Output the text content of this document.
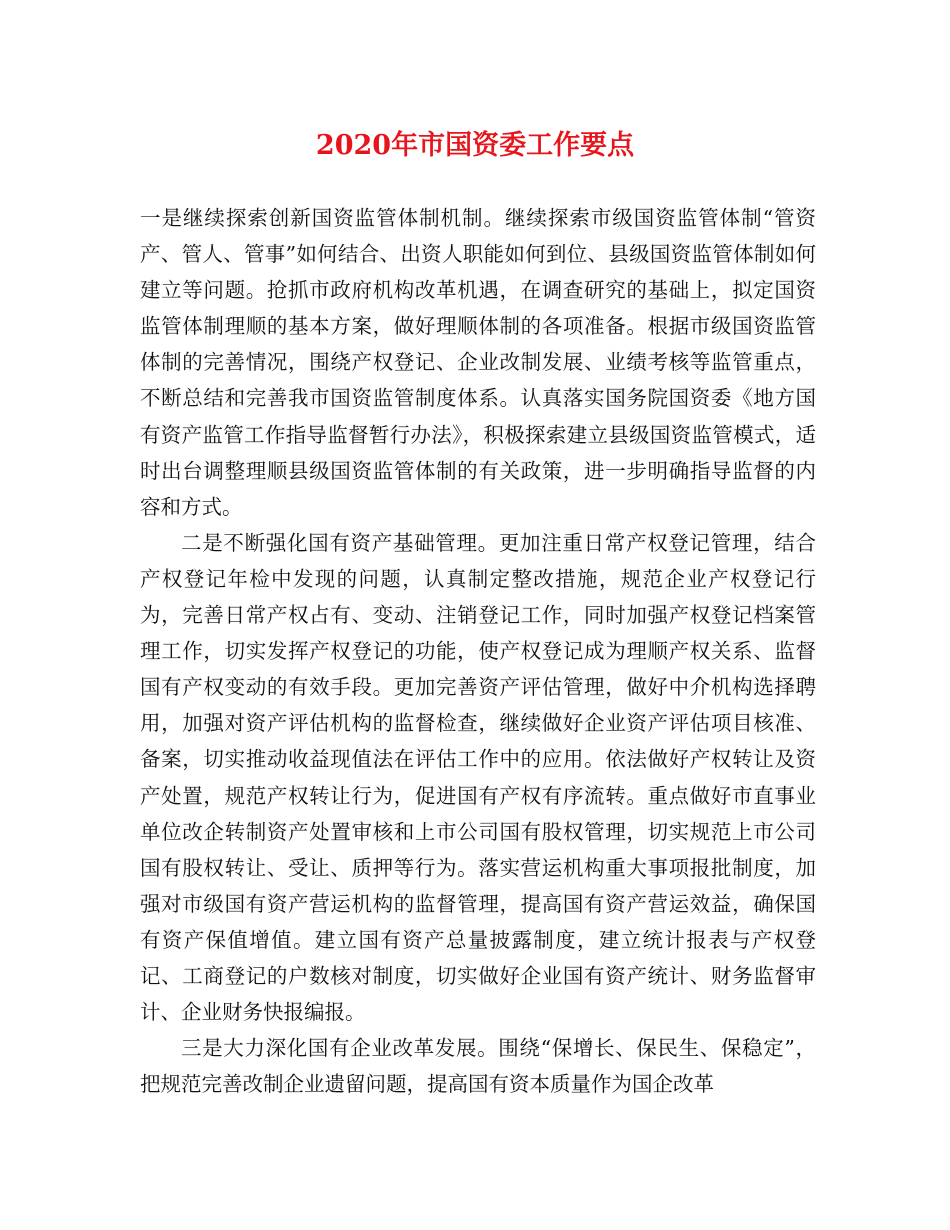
2020年市国资委工作要点

一是继续探索创新国资监管体制机制。继续探索市级国资监管体制“管资产、管人、管事”如何结合、出资人职能如何到位、县级国资监管体制如何建立等问题。抢抓市政府机构改革机遇，在调查研究的基础上，拟定国资监管体制理顺的基本方案，做好理顺体制的各项准备。根据市级国资监管体制的完善情况，围绕产权登记、企业改制发展、业绩考核等监管重点，不断总结和完善我市国资监管制度体系。认真落实国务院国资委《地方国有资产监管工作指导监督暂行办法》，积极探索建立县级国资监管模式，适时出台调整理顺县级国资监管体制的有关政策，进一步明确指导监督的内容和方式。

二是不断强化国有资产基础管理。更加注重日常产权登记管理，结合产权登记年检中发现的问题，认真制定整改措施，规范企业产权登记行为，完善日常产权占有、变动、注销登记工作，同时加强产权登记档案管理工作，切实发挥产权登记的功能，使产权登记成为理顺产权关系、监督国有产权变动的有效手段。更加完善资产评估管理，做好中介机构选择聘用，加强对资产评估机构的监督检查，继续做好企业资产评估项目核准、备案，切实推动收益现值法在评估工作中的应用。依法做好产权转让及资产处置，规范产权转让行为，促进国有产权有序流转。重点做好市直事业单位改企转制资产处置审核和上市公司国有股权管理，切实规范上市公司国有股权转让、受让、质押等行为。落实营运机构重大事项报批制度，加强对市级国有资产营运机构的监督管理，提高国有资产营运效益，确保国有资产保值增值。建立国有资产总量披露制度，建立统计报表与产权登记、工商登记的户数核对制度，切实做好企业国有资产统计、财务监督审计、企业财务快报编报。

三是大力深化国有企业改革发展。围绕“保增长、保民生、保稳定”，把规范完善改制企业遗留问题，提高国有资本质量作为国企改革
